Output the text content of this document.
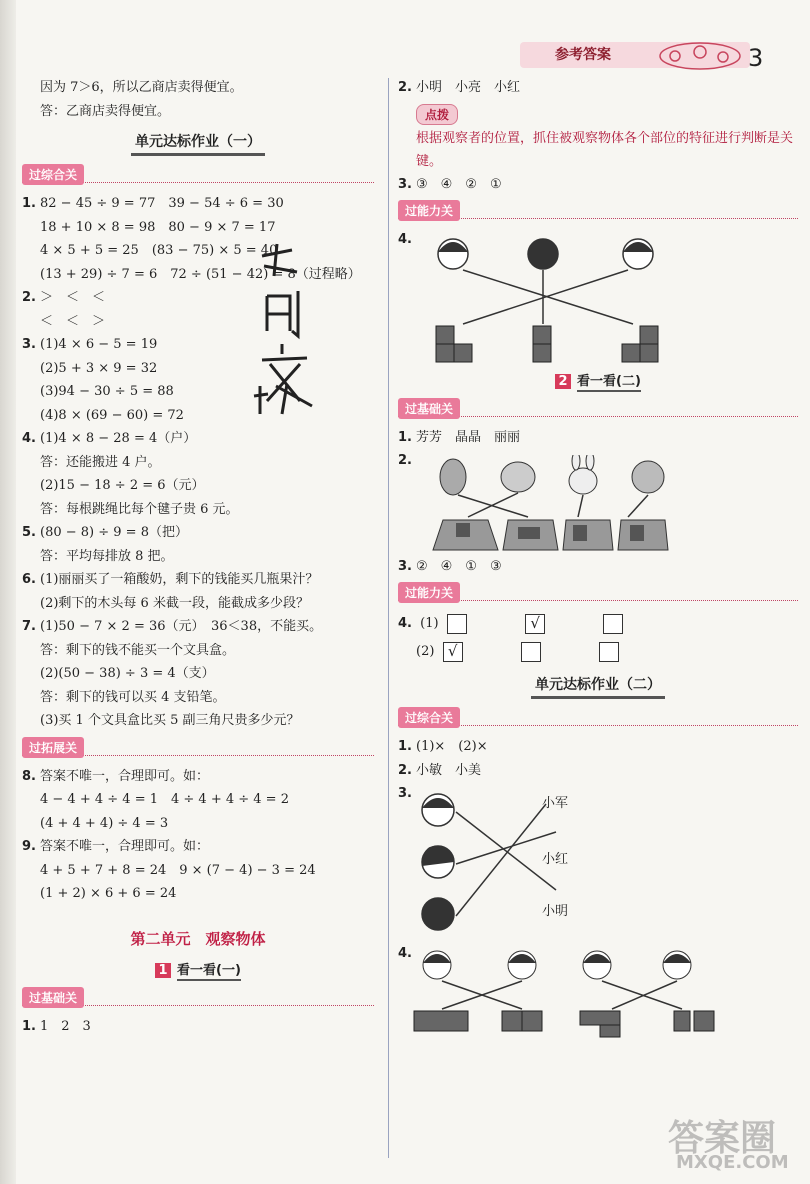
参考答案	3
因为 7＞6，所以乙商店卖得便宜。
答：乙商店卖得便宜。
单元达标作业（一）
过综合关
1. 82 − 45 ÷ 9 = 77　39 − 54 ÷ 6 = 30
18 + 10 × 8 = 98　80 − 9 × 7 = 17
4 × 5 + 5 = 25　(83 − 75) × 5 = 40
(13 + 29) ÷ 7 = 6　72 ÷ (51 − 42) = 8（过程略）
2. ＞　＜　＜
＜　＜　＞
3. (1)4 × 6 − 5 = 19
(2)5 + 3 × 9 = 32
(3)94 − 30 ÷ 5 = 88
(4)8 × (69 − 60) = 72
4. (1)4 × 8 − 28 = 4（户）
答：还能搬进 4 户。
(2)15 − 18 ÷ 2 = 6（元）
答：每根跳绳比每个毽子贵 6 元。
5. (80 − 8) ÷ 9 = 8（把）
答：平均每排放 8 把。
6. (1)丽丽买了一箱酸奶，剩下的钱能买几瓶果汁？
(2)剩下的木头每 6 米截一段，能截成多少段？
7. (1)50 − 7 × 2 = 36（元）　36＜38，不能买。
答：剩下的钱不能买一个文具盒。
(2)(50 − 38) ÷ 3 = 4（支）
答：剩下的钱可以买 4 支铅笔。
(3)买 1 个文具盒比买 5 副三角尺贵多少元？
过拓展关
8. 答案不唯一，合理即可。如：
4 − 4 + 4 ÷ 4 = 1　4 ÷ 4 + 4 ÷ 4 = 2
(4 + 4 + 4) ÷ 4 = 3
9. 答案不唯一，合理即可。如：
4 + 5 + 7 + 8 = 24　9 × (7 − 4) − 3 = 24
(1 + 2) × 6 + 6 = 24
第二单元　观察物体
1 看一看(一)
过基础关
1. 1　2　3
2. 小明　小亮　小红
点拨
根据观察者的位置，抓住被观察物体各个部位的特征进行判断是关键。
3. ③　④　②　①
过能力关
4.
2 看一看(二)
过基础关
1. 芳芳　晶晶　丽丽
2.
3. ②　④　①　③
过能力关
4. (1)	√
(2) √
单元达标作业（二）
过综合关
1. (1)×　(2)×
2. 小敏　小美
3.
小军
小红
小明
4.
答案圈
MXQE.COM
